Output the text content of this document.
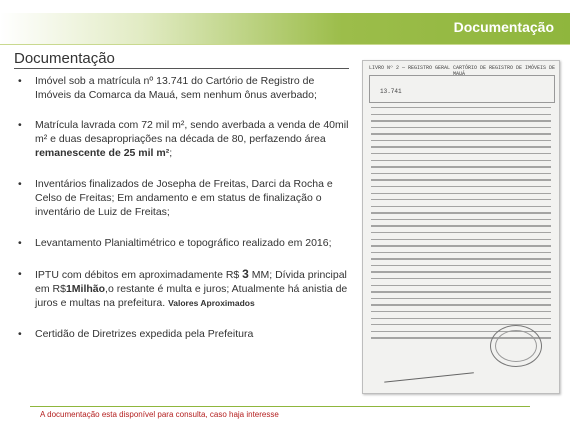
Documentação
Documentação
• Imóvel sob a matrícula nº 13.741 do Cartório de Registro de Imóveis da Comarca da Mauá, sem nenhum ônus averbado;
• Matrícula lavrada com 72 mil m², sendo averbada a venda de 40mil m² e duas desapropriações na década de 80, perfazendo área remanescente de 25 mil m²;
• Inventários finalizados de Josepha de Freitas, Darci da Rocha e Celso de Freitas; Em andamento e em status de finalização o inventário de Luiz de Freitas;
• Levantamento Planialtimétrico e topográfico realizado em 2016;
• IPTU com débitos em aproximadamente R$ 3 MM; Dívida principal em R$1Milhão,o restante é multa e juros; Atualmente há anistia de juros e multas na prefeitura. Valores Aproximados
• Certidão de Diretrizes expedida pela Prefeitura
LIVRO Nº 2 — REGISTRO GERAL CARTÓRIO DE REGISTRO DE IMÓVEIS DE MAUÁ
13.741
A documentação esta disponível para consulta, caso haja interesse
